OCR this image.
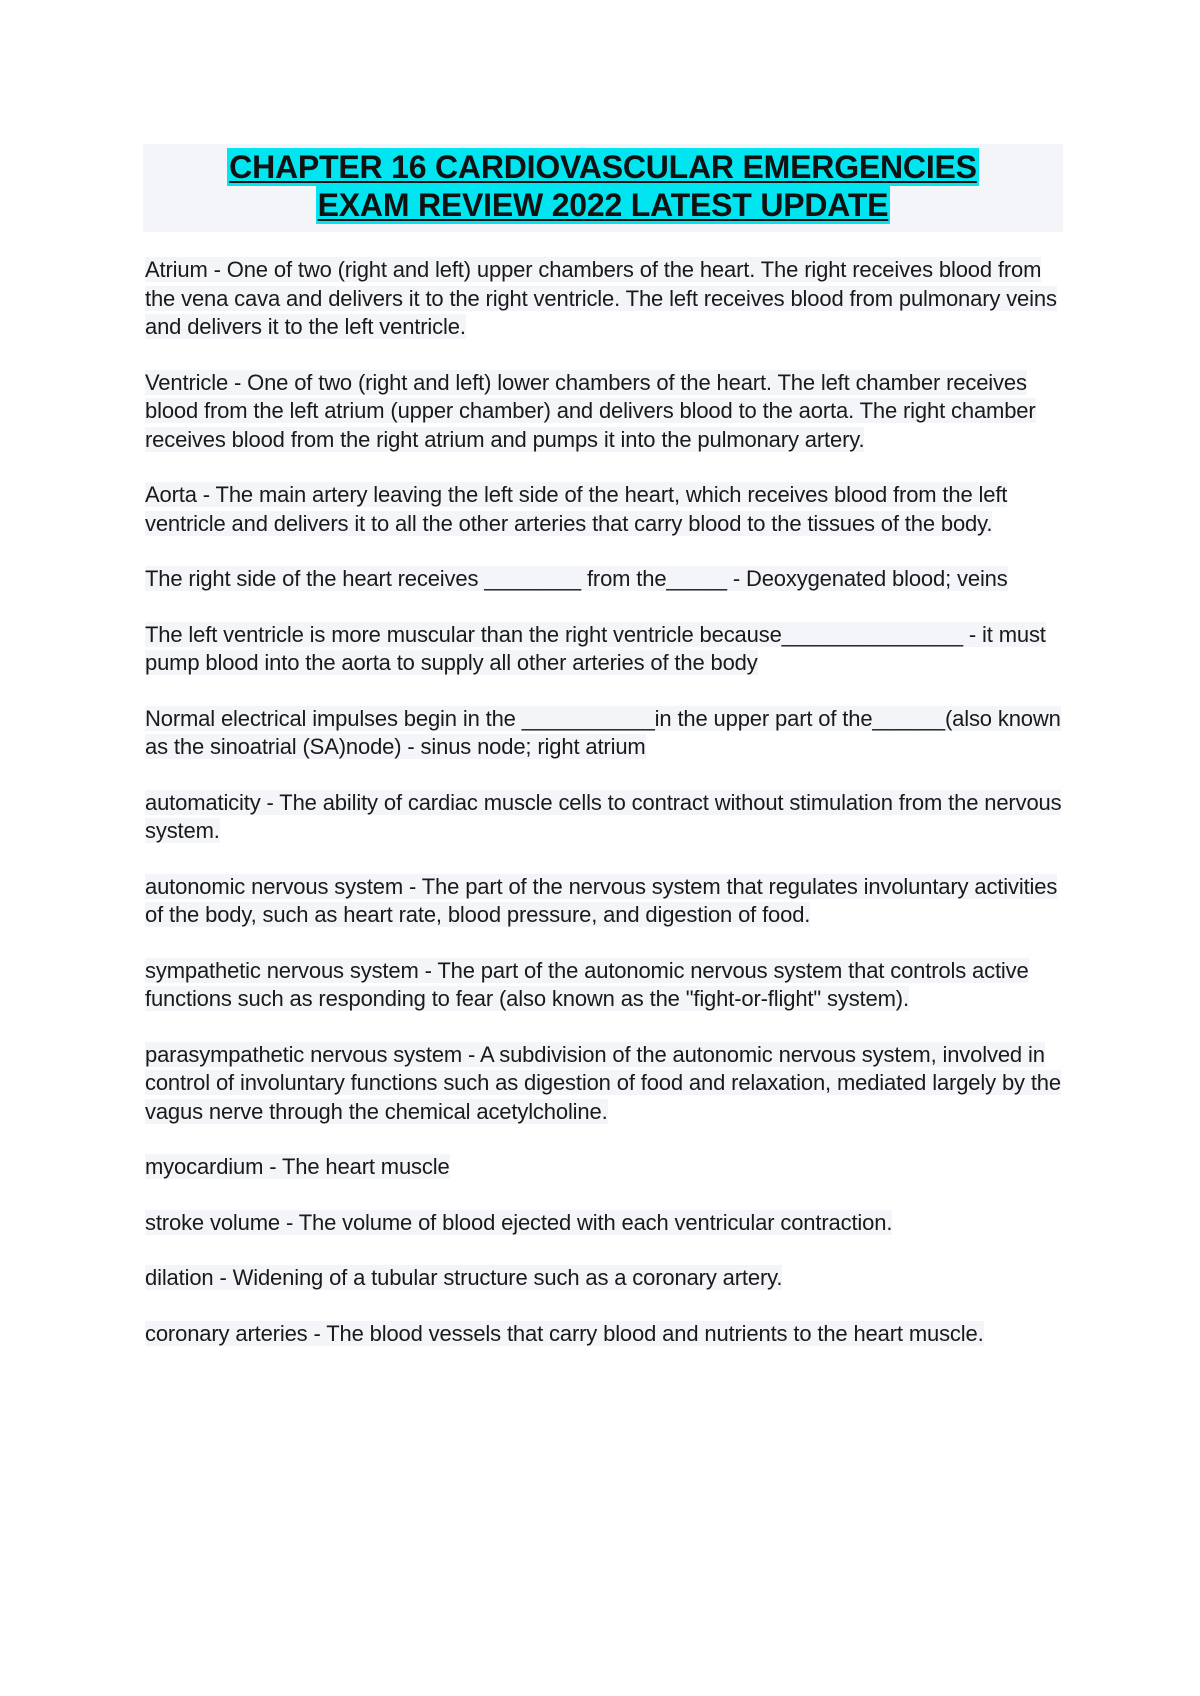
CHAPTER 16 CARDIOVASCULAR EMERGENCIES
EXAM REVIEW 2022 LATEST UPDATE

Atrium - One of two (right and left) upper chambers of the heart. The right receives blood from the vena cava and delivers it to the right ventricle. The left receives blood from pulmonary veins and delivers it to the left ventricle.

Ventricle - One of two (right and left) lower chambers of the heart. The left chamber receives blood from the left atrium (upper chamber) and delivers blood to the aorta. The right chamber receives blood from the right atrium and pumps it into the pulmonary artery.

Aorta - The main artery leaving the left side of the heart, which receives blood from the left ventricle and delivers it to all the other arteries that carry blood to the tissues of the body.

The right side of the heart receives ________ from the_____ - Deoxygenated blood; veins

The left ventricle is more muscular than the right ventricle because_______________ - it must pump blood into the aorta to supply all other arteries of the body

Normal electrical impulses begin in the ___________in the upper part of the______(also known as the sinoatrial (SA)node) - sinus node; right atrium

automaticity - The ability of cardiac muscle cells to contract without stimulation from the nervous system.

autonomic nervous system - The part of the nervous system that regulates involuntary activities of the body, such as heart rate, blood pressure, and digestion of food.

sympathetic nervous system - The part of the autonomic nervous system that controls active functions such as responding to fear (also known as the "fight-or-flight" system).

parasympathetic nervous system - A subdivision of the autonomic nervous system, involved in control of involuntary functions such as digestion of food and relaxation, mediated largely by the vagus nerve through the chemical acetylcholine.

myocardium - The heart muscle

stroke volume - The volume of blood ejected with each ventricular contraction.

dilation - Widening of a tubular structure such as a coronary artery.

coronary arteries - The blood vessels that carry blood and nutrients to the heart muscle.
